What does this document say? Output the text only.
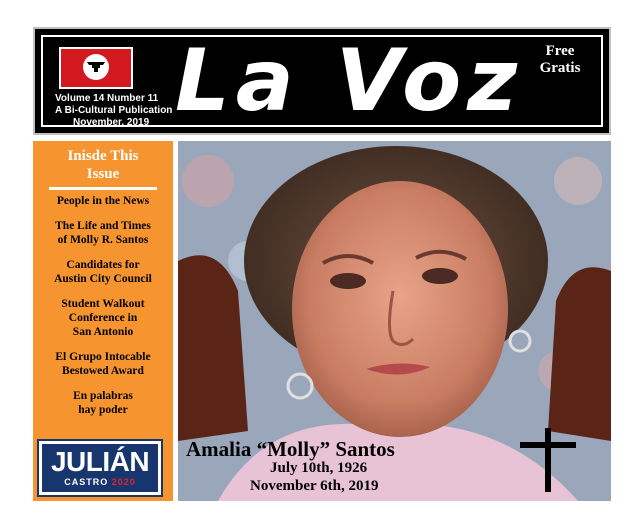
Volume 14 Number 11
A Bi-Cultural Publication
November, 2019 La Voz	Free
Gratis
Inisde This
Issue
People in the News
The Life and Times
of Molly R. Santos
Candidates for
Austin City Council
Student Walkout
Conference in
San Antonio
El Grupo Intocable
Bestowed Award
En palabras
hay poder
JULIÁN
CASTRO 2020
Amalia “Molly” Santos
July 10th, 1926
November 6th, 2019
